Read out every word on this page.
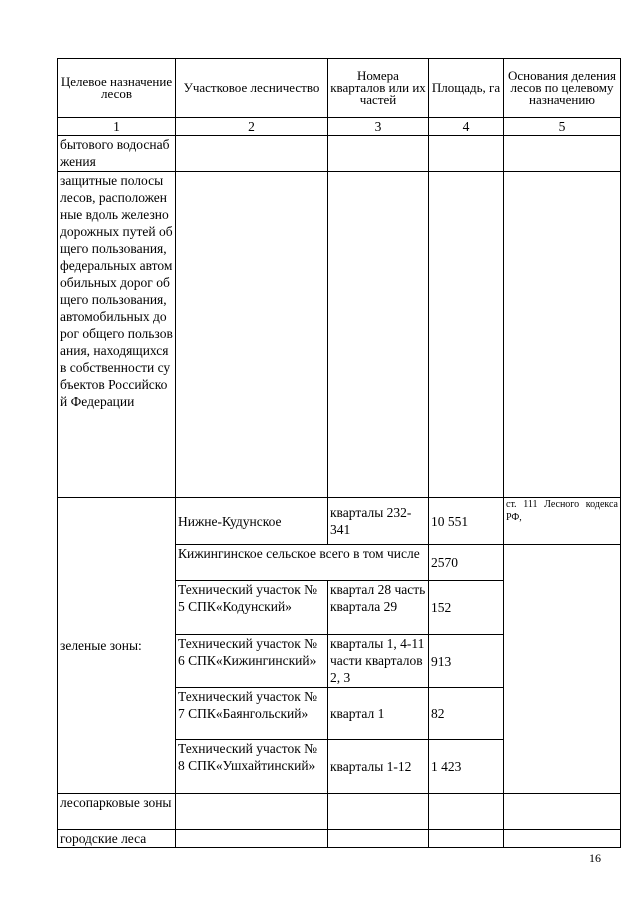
Целевое назначение лесов	Участковое лесничество	Номера кварталов или их частей	Площадь, га	Основания деления лесов по целевому назначению
1	2	3	4	5
бытового водоснабжения				
защитные полосы лесов, расположенные вдоль железнодорожных путей общего пользования, федеральных автомобильных дорог общего пользования, автомобильных дорог общего пользования, находящихся в собственности субъектов Российской Федерации				
зеленые зоны:	Нижне-Кудунское	кварталы 232-341	10 551	ст. 111 Лесного кодекса РФ,
	Кижингинское сельское всего в том числе		2570	
	Технический участок № 5 СПК«Кодунский»	квартал 28 часть квартала 29	152	
	Технический участок № 6 СПК«Кижингинский»	кварталы 1, 4-11 части кварталов 2, 3	913	
	Технический участок № 7 СПК«Баянгольский»	квартал 1	82	
	Технический участок № 8 СПК«Ушхайтинский»	кварталы 1-12	1 423	
лесопарковые зоны				
городские леса				
16
